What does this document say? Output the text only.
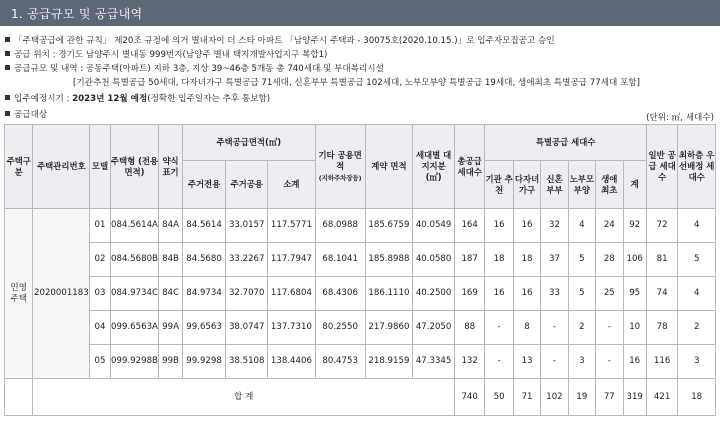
1. 공급규모 및 공급내역
「주택공급에 관한 규칙」 제20조 규정에 의거 별내자이 더 스타 아파트 「남양주시 주택과 - 30075호(2020.10.15.)」로 입주자모집공고 승인
공급 위치 : 경기도 남양주시 별내동 999번지(남양주 별내 택지개발사업지구 복합1)
공급규모 및 내역 : 공동주택(아파트) 지하 3층, 지상 39~46층 5개동 총 740세대 및 부대복리시설
[기관추천 특별공급 50세대, 다자녀가구 특별공급 71세대, 신혼부부 특별공급 102세대, 노부모부양 특별공급 19세대, 생애최초 특별공급 77세대 포함]
입주예정시기 : 2023년 12월 예정(정확한 입주일자는 추후 통보함)
공급대상	(단위: ㎡, 세대수)
주택구분	주택관리번호	모델	주택형 (전용면적)	약식 표기	주택공급면적(㎡)			기타 공용면적
(지하주차장등)	계약 면적	세대별 대지지분 (㎡)	총공급 세대수	특별공급 세대수						일반 공급 세대수	최하층 우선배정 세대수
					주거전용	주거공용	소계					기관 추천	다자녀 가구	신혼 부부	노부모 부양	생애 최초	계		
민영 주택	2020001183	01	084.5614A	84A	84.5614	33.0157	117.5771	68.0988	185.6759	40.0549	164	16	16	32	4	24	92	72	4
		02	084.5680B	84B	84.5680	33.2267	117.7947	68.1041	185.8988	40.0580	187	18	18	37	5	28	106	81	5
		03	084.9734C	84C	84.9734	32.7070	117.6804	68.4306	186.1110	40.2500	169	16	16	33	5	25	95	74	4
		04	099.6563A	99A	99.6563	38.0747	137.7310	80.2550	217.9860	47.2050	88	-	8	-	2	-	10	78	2
		05	099.9298B	99B	99.9298	38.5108	138.4406	80.4753	218.9159	47.3345	132	-	13	-	3	-	16	116	3
	합 계										740	50	71	102	19	77	319	421	18
